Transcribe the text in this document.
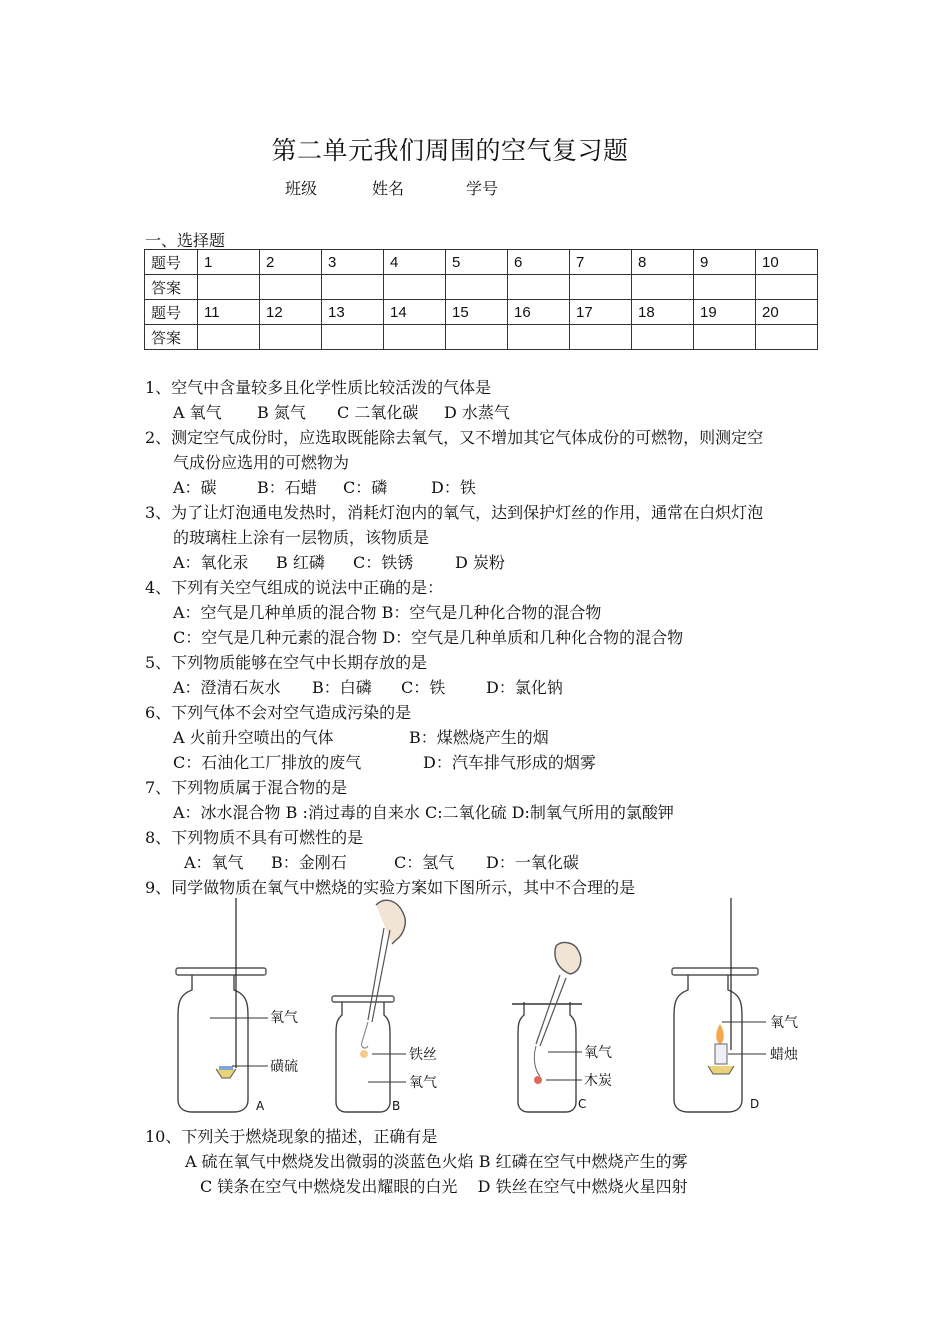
第二单元我们周围的空气复习题
班级	姓名	学号
一、选择题
题号	1	2	3	4	5	6	7	8	9	10
答案										
题号	11	12	13	14	15	16	17	18	19	20
答案										
1、空气中含量较多且化学性质比较活泼的气体是
A 氧气 B 氮气 C 二氧化碳 D 水蒸气
2、测定空气成份时，应选取既能除去氧气，又不增加其它气体成份的可燃物，则测定空
气成份应选用的可燃物为
A：碳	B：石蜡 C：磷	D：铁
3、为了让灯泡通电发热时，消耗灯泡内的氧气，达到保护灯丝的作用，通常在白炽灯泡
的玻璃柱上涂有一层物质，该物质是
A：氧化汞 B 红磷 C：铁锈	D 炭粉
4、下列有关空气组成的说法中正确的是：
A：空气是几种单质的混合物 B：空气是几种化合物的混合物
C：空气是几种元素的混合物 D：空气是几种单质和几种化合物的混合物
5、下列物质能够在空气中长期存放的是
A：澄清石灰水 B：白磷 C：铁	D：氯化钠
6、下列气体不会对空气造成污染的是
A 火前升空喷出的气体	B：煤燃烧产生的烟
C：石油化工厂排放的废气	D：汽车排气形成的烟雾
7、下列物质属于混合物的是
A：冰水混合物 B :消过毒的自来水 C:二氧化硫 D:制氧气所用的氯酸钾
8、下列物质不具有可燃性的是
A：氧气 B：金刚石	C：氢气 D：一氧化碳
9、同学做物质在氧气中燃烧的实验方案如下图所示，其中不合理的是
氧气
磺硫
A
铁丝
氧气
B
氧气
木炭
C
氧气
蜡烛
D
10、下列关于燃烧现象的描述，正确有是
A 硫在氧气中燃烧发出微弱的淡蓝色火焰 B 红磷在空气中燃烧产生的雾
C 镁条在空气中燃烧发出耀眼的白光    D 铁丝在空气中燃烧火星四射
